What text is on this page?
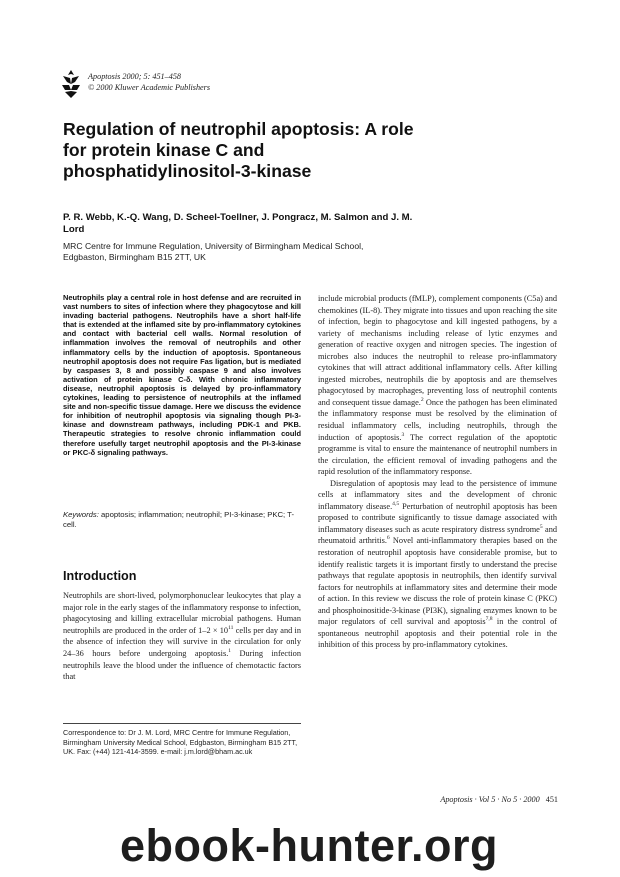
Apoptosis 2000; 5: 451–458
© 2000 Kluwer Academic Publishers
Regulation of neutrophil apoptosis: A role for protein kinase C and phosphatidylinositol-3-kinase
P. R. Webb, K.-Q. Wang, D. Scheel-Toellner, J. Pongracz, M. Salmon and J. M. Lord
MRC Centre for Immune Regulation, University of Birmingham Medical School,
Edgbaston, Birmingham B15 2TT, UK
Neutrophils play a central role in host defense and are recruited in vast numbers to sites of infection where they phagocytose and kill invading bacterial pathogens. Neutrophils have a short half-life that is extended at the inflamed site by pro-inflammatory cytokines and contact with bacterial cell walls. Normal resolution of inflammation involves the removal of neutrophils and other inflammatory cells by the induction of apoptosis. Spontaneous neutrophil apoptosis does not require Fas ligation, but is mediated by caspases 3, 8 and possibly caspase 9 and also involves activation of protein kinase C-δ. With chronic inflammatory disease, neutrophil apoptosis is delayed by pro-inflammatory cytokines, leading to persistence of neutrophils at the inflamed site and non-specific tissue damage. Here we discuss the evidence for inhibition of neutrophil apoptosis via signaling though PI-3-kinase and downstream pathways, including PDK-1 and PKB. Therapeutic strategies to resolve chronic inflammation could therefore usefully target neutrophil apoptosis and the PI-3-kinase or PKC-δ signaling pathways.
Keywords: apoptosis; inflammation; neutrophil; PI-3-kinase; PKC; T-cell.
Introduction
Neutrophils are short-lived, polymorphonuclear leukocytes that play a major role in the early stages of the inflammatory response to infection, phagocytosing and killing extracellular microbial pathogens. Human neutrophils are produced in the order of $1-2 \times 10^{11}$ cells per day and in the absence of infection they will survive in the circulation for only 24–36 hours before undergoing apoptosis.$^1$ During infection neutrophils leave the blood under the influence of chemotactic factors that
Correspondence to: Dr J. M. Lord, MRC Centre for Immune Regulation, Birmingham University Medical School, Edgbaston, Birmingham B15 2TT, UK. Fax: (+44) 121-414-3599. e-mail: j.m.lord@bham.ac.uk

include microbial products (fMLP), complement components (C5a) and chemokines (IL-8). They migrate into tissues and upon reaching the site of infection, begin to phagocytose and kill ingested pathogens, by a variety of mechanisms including release of lytic enzymes and generation of reactive oxygen and nitrogen species. The ingestion of microbes also induces the neutrophil to release pro-inflammatory cytokines that will attract additional inflammatory cells. After killing ingested microbes, neutrophils die by apoptosis and are themselves phagocytosed by macrophages, preventing loss of neutrophil contents and consequent tissue damage.$^2$ Once the pathogen has been eliminated the inflammatory response must be resolved by the elimination of residual inflammatory cells, including neutrophils, through the induction of apoptosis.$^3$ The correct regulation of the apoptotic programme is vital to ensure the maintenance of neutrophil numbers in the circulation, the efficient removal of invading pathogens and the rapid resolution of the inflammatory response.

Disregulation of apoptosis may lead to the persistence of immune cells at inflammatory sites and the development of chronic inflammatory disease.$^{4,5}$ Perturbation of neutrophil apoptosis has been proposed to contribute significantly to tissue damage associated with inflammatory diseases such as acute respiratory distress syndrome$^5$ and rheumatoid arthritis.$^6$ Novel anti-inflammatory therapies based on the restoration of neutrophil apoptosis have considerable promise, but to identify realistic targets it is important firstly to understand the precise pathways that regulate apoptosis in neutrophils, then identify survival factors for neutrophils at inflammatory sites and determine their mode of action. In this review we discuss the role of protein kinase C (PKC) and phosphoinositide-3-kinase (PI3K), signaling enzymes known to be major regulators of cell survival and apoptosis$^{7,8}$ in the control of spontaneous neutrophil apoptosis and their potential role in the inhibition of this process by pro-inflammatory cytokines.

Apoptosis · Vol 5 · No 5 · 2000 451
ebook-hunter.org
